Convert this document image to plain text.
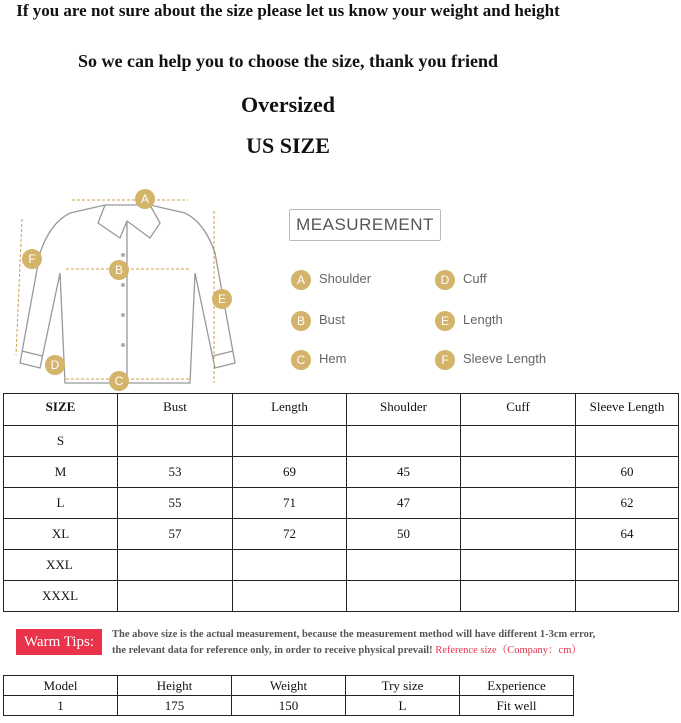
If you are not sure about the size please let us know your weight and height
So we can help you to choose the size, thank you friend
Oversized
US SIZE
A
B
C
D
E
F
MEASUREMENT
A Shoulder
B Bust
C Hem
D Cuff
E Length
F Sleeve Length
SIZE	Bust	Length	Shoulder	Cuff	Sleeve Length
S					
M	53	69	45		60
L	55	71	47		62
XL	57	72	50		64
XXL					
XXXL					
Warm Tips:	The above size is the actual measurement, because the measurement method will have different 1-3cm error,
the relevant data for reference only, in order to receive physical prevail! Reference size（Company：cm）
Model	Height	Weight	Try size	Experience
1	175	150	L	Fit well
